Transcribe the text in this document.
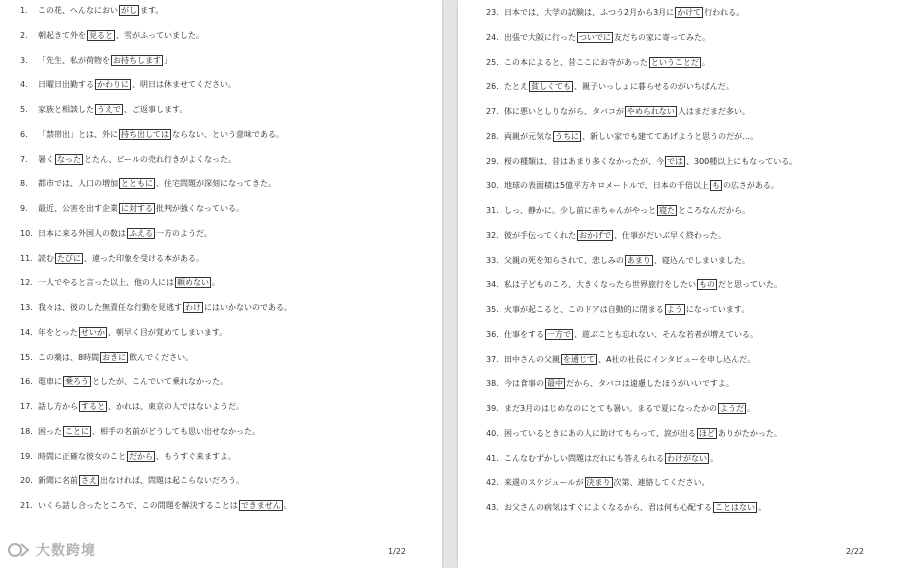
1. この花、へんなにおい がし ます。
2. 朝起きて外を 見ると 、雪がふっていました。
3. 「先生、私が荷物を お持ちします 」
4. 日曜日出勤する かわりに 、明日は休ませてください。
5. 家族と相談した うえで 、ご返事します。
6. 「禁帯出」とは、外に 持ち出しては ならない、という意味である。
7. 暑く なった とたん、ビールの売れ行きがよくなった。
8. 都市では、人口の増加 とともに 、住宅問題が深刻になってきた。
9. 最近、公害を出す企業 に対する 批判が強くなっている。
10. 日本に来る外国人の数は ふえる 一方のようだ。
11. 読む たびに 、違った印象を受ける本がある。
12. 一人でやると言った以上、他の人には 頼めない 。
13. 我々は、彼のした無責任な行動を見逃す わけ にはいかないのである。
14. 年をとった せいか 、朝早く目が覚めてしまいます。
15. この薬は、8時間 おきに 飲んでください。
16. 電車に 乗ろう としたが、こんでいて乗れなかった。
17. 話し方から すると 、かれは、東京の人ではないようだ。
18. 困った ことに 、相手の名前がどうしても思い出せなかった。
19. 時間に正確な彼女のこと だから 、もうすぐ来ますよ。
20. 新聞に名前 さえ 出なければ、問題は起こらないだろう。
21. いくら話し合ったところで、この問題を解決することは できません 。
1/22
23. 日本では、大学の試験は、ふつう2月から3月に かけて 行われる。
24. 出張で大阪に行った ついでに 友だちの家に寄ってみた。
25. この本によると、昔ここにお寺があった ということだ 。
26. たとえ 貧しくても 、親子いっしょに暮らせるのがいちばんだ。
27. 体に悪いとしりながら、タバコが やめられない 人はまだまだ多い。
28. 両親が元気な うちに 、新しい家でも建ててあげようと思うのだが…。
29. 桜の種類は、昔はあまり多くなかったが、今 では 、300種以上にもなっている。
30. 地球の表面積は5億平方キロメートルで、日本の千倍以上 も の広さがある。
31. しっ、静かに。少し前に赤ちゃんがやっと 寝た ところなんだから。
32. 彼が手伝ってくれた おかげで 、仕事がだいぶ早く終わった。
33. 父親の死を知らされて、悲しみの あまり 、寝込んでしまいました。
34. 私は子どものころ、大きくなったら世界旅行をしたい もの だと思っていた。
35. 火事が起こると、このドアは自動的に閉まる よう になっています。
36. 仕事をする 一方で 、遊ぶことも忘れない、そんな若者が増えている。
37. 田中さんの父親 を通じて 、A社の社長にインタビューを申し込んだ。
38. 今は食事の 最中 だから、タバコは遠慮したほうがいいですよ。
39. まだ3月のはじめなのにとても暑い。まるで夏になったかの ようだ 。
40. 困っているときにあの人に助けてもらって、涙が出る ほど ありがたかった。
41. こんなむずかしい問題はだれにも答えられる わけがない 。
42. 来週のスケジュールが 決まり 次第、連絡してください。
43. お父さんの病気はすぐによくなるから、君は何も心配する ことはない 。
2/22
大数跨境
